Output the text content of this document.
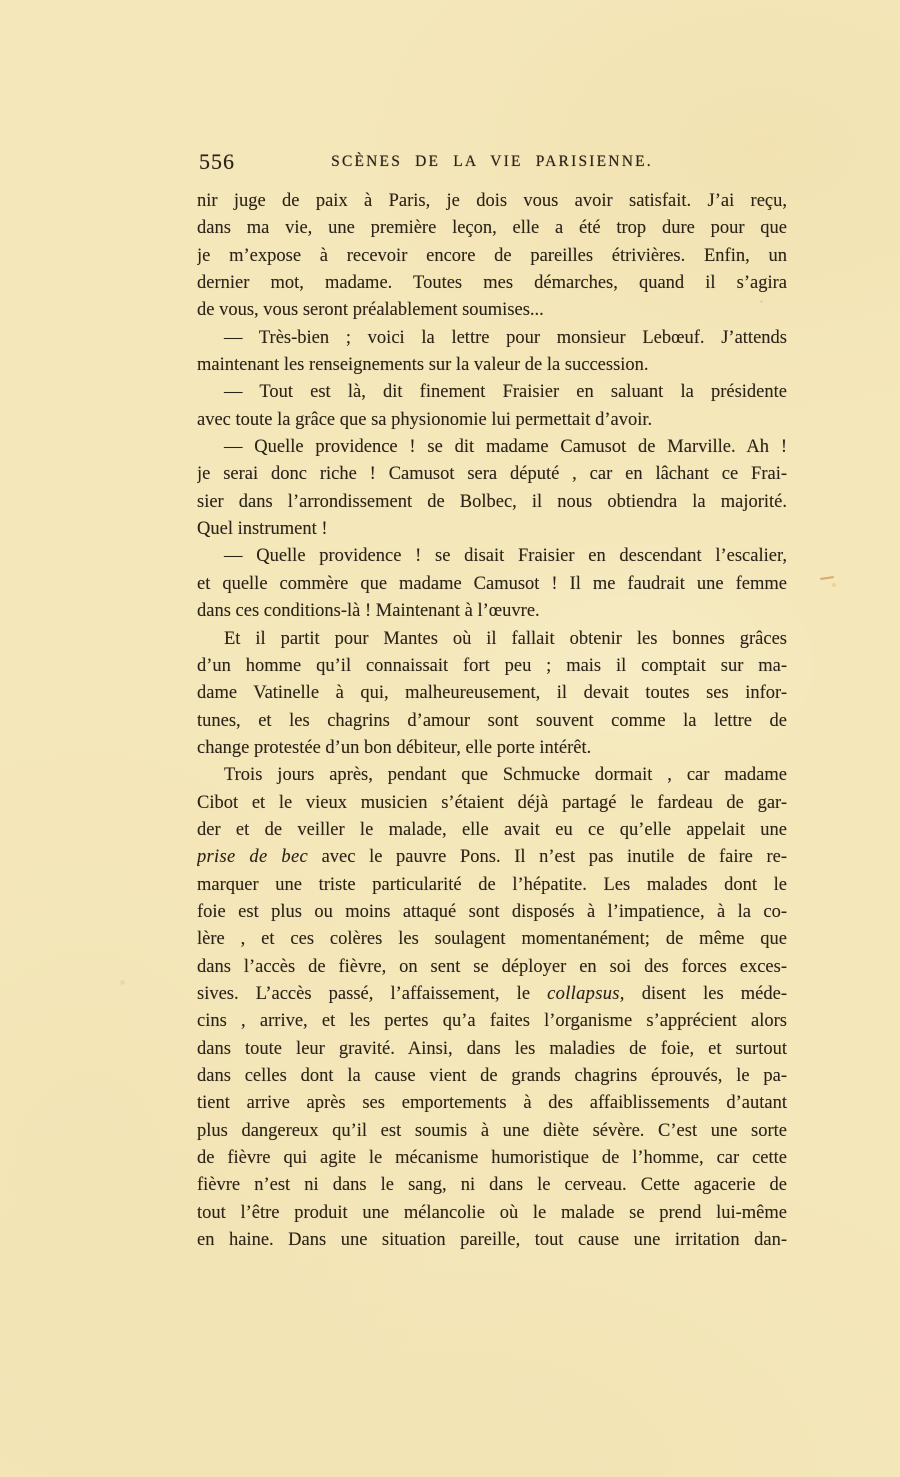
556	SCÈNES DE LA VIE PARISIENNE.
nir juge de paix à Paris, je dois vous avoir satisfait. J’ai reçu,
dans ma vie, une première leçon, elle a été trop dure pour que
je m’expose à recevoir encore de pareilles étrivières. Enfin, un
dernier mot, madame. Toutes mes démarches, quand il s’agira
de vous, vous seront préalablement soumises...
— Très-bien ; voici la lettre pour monsieur Lebœuf. J’attends
maintenant les renseignements sur la valeur de la succession.
— Tout est là, dit finement Fraisier en saluant la présidente
avec toute la grâce que sa physionomie lui permettait d’avoir.
— Quelle providence ! se dit madame Camusot de Marville. Ah !
je serai donc riche ! Camusot sera député , car en lâchant ce Frai-
sier dans l’arrondissement de Bolbec, il nous obtiendra la majorité.
Quel instrument !
— Quelle providence ! se disait Fraisier en descendant l’escalier,
et quelle commère que madame Camusot ! Il me faudrait une femme
dans ces conditions-là ! Maintenant à l’œuvre.
Et il partit pour Mantes où il fallait obtenir les bonnes grâces
d’un homme qu’il connaissait fort peu ; mais il comptait sur ma-
dame Vatinelle à qui, malheureusement, il devait toutes ses infor-
tunes, et les chagrins d’amour sont souvent comme la lettre de
change protestée d’un bon débiteur, elle porte intérêt.
Trois jours après, pendant que Schmucke dormait , car madame
Cibot et le vieux musicien s’étaient déjà partagé le fardeau de gar-
der et de veiller le malade, elle avait eu ce qu’elle appelait une
prise de bec avec le pauvre Pons. Il n’est pas inutile de faire re-
marquer une triste particularité de l’hépatite. Les malades dont le
foie est plus ou moins attaqué sont disposés à l’impatience, à la co-
lère , et ces colères les soulagent momentanément; de même que
dans l’accès de fièvre, on sent se déployer en soi des forces exces-
sives. L’accès passé, l’affaissement, le collapsus, disent les méde-
cins , arrive, et les pertes qu’a faites l’organisme s’apprécient alors
dans toute leur gravité. Ainsi, dans les maladies de foie, et surtout
dans celles dont la cause vient de grands chagrins éprouvés, le pa-
tient arrive après ses emportements à des affaiblissements d’autant
plus dangereux qu’il est soumis à une diète sévère. C’est une sorte
de fièvre qui agite le mécanisme humoristique de l’homme, car cette
fièvre n’est ni dans le sang, ni dans le cerveau. Cette agacerie de
tout l’être produit une mélancolie où le malade se prend lui-même
en haine. Dans une situation pareille, tout cause une irritation dan-
